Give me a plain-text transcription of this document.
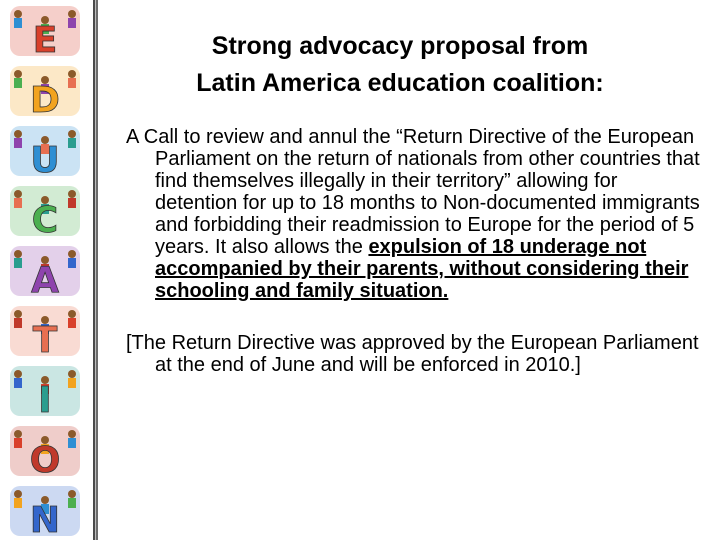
E
D
U
C
A
T
I
O
N
Strong advocacy proposal from
Latin America education coalition:

A Call to review and annul the “Return Directive of the European Parliament on the return of nationals from other countries that find themselves illegally in their territory” allowing for detention for up to 18 months to Non-documented immigrants and forbidding their readmission to Europe for the period of 5 years. It also allows the expulsion of 18 underage not accompanied by their parents, without considering their schooling and family situation.

[The Return Directive was approved by the European Parliament at the end of June and will be enforced in 2010.]
